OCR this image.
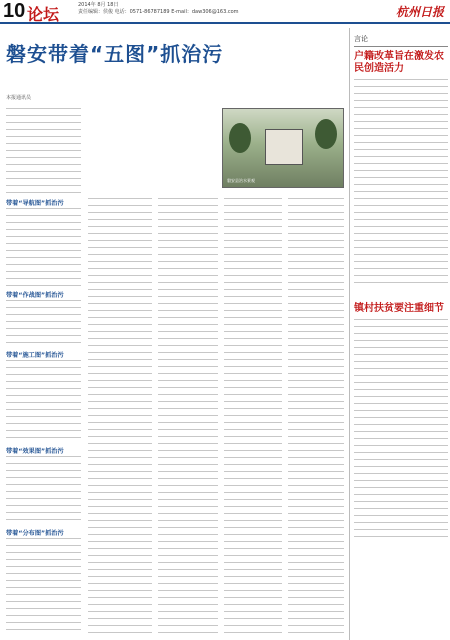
10 论坛	2014年 8月 18日
责任编辑：侯俊 电话：0571-86787189 E-mail：daw306@163.com	杭州日报
磐安带着“五图”抓治污
本报通讯员
磐安县治水景观
带着“导航图”抓治污
带着“作战图”抓治污
带着“施工图”抓治污
带着“效果图”抓治污
带着“分布图”抓治污
言论
户籍改革旨在激发农民创造活力
镇村扶贫要注重细节
